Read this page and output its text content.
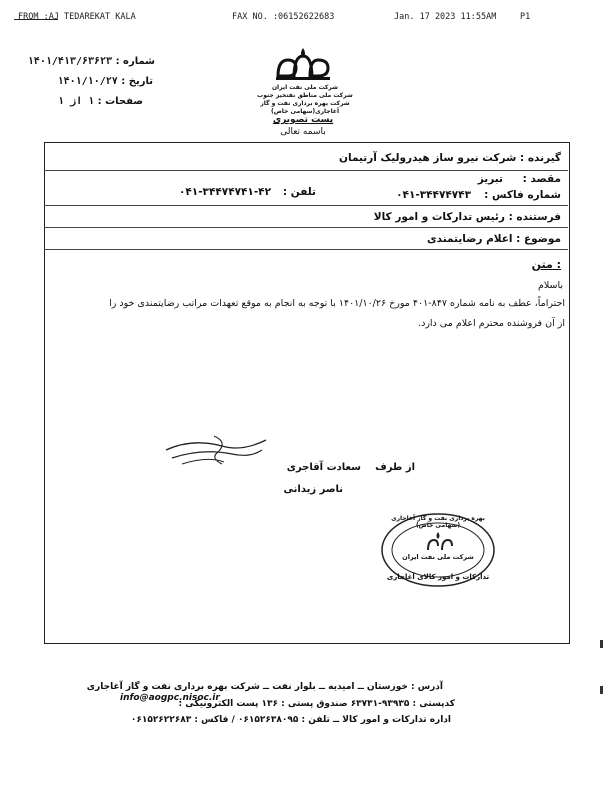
FROM :AJ TEDAREKAT KALA	FAX NO. :06152622683	Jan. 17 2023 11:55AM	P1
شرکت ملی نفت ایران
شرکت ملی مناطق نفتخیز جنوب
شرکت بهره برداری نفت و گاز آغاجاری(سهامی خاص)
شماره : ۱۴۰۱/۴۱۳/۶۳۶۲۳
تاریخ : ۱۴۰۱/۱۰/۲۷
صفحات : ۱ از ۱
پست تصویری
باسمه تعالی
گیرنده : شرکت نیرو ساز هیدرولیک آرتیمان
مقصد :
تبریز
شماره فاکس :
۰۴۱-۳۴۴۷۴۷۴۳
تلفن :
۰۴۱-۳۴۴۷۴۷۴۱-۴۲
فرستنده : رئیس تدارکات و امور کالا
موضوع : اعلام رضایتمندی
متن :
باسلام
احتراماً، عطف به نامه شماره ۸۴۷-۴۰۱ مورخ ۱۴۰۱/۱۰/۲۶ با توجه به انجام به موقع تعهدات مراتب رضایتمندی خود را
از آن فروشنده محترم اعلام می دارد.
از طرف
سعادت آقاجری
ناصر زیدانی
بهره برداری نفت و گاز آغاجاری (سهامی خاص)
شرکت ملی نفت ایران
تدارکات و امور کالای آغاجاری
آدرس : خوزستان ــ امیدیه ــ بلوار نفت ــ شرکت بهره برداری نفت و گاز آغاجاری
کدپستی : ۹۳۹۳۵-۶۳۷۳۱ صندوق پستی : ۱۳۶ پست الکترونیکی :
info@aogpc.nisoc.ir
اداره تدارکات و امور کالا ــ تلفن : ۰۶۱۵۲۶۳۸۰۹۵ / فاکس : ۰۶۱۵۲۶۲۲۶۸۳
